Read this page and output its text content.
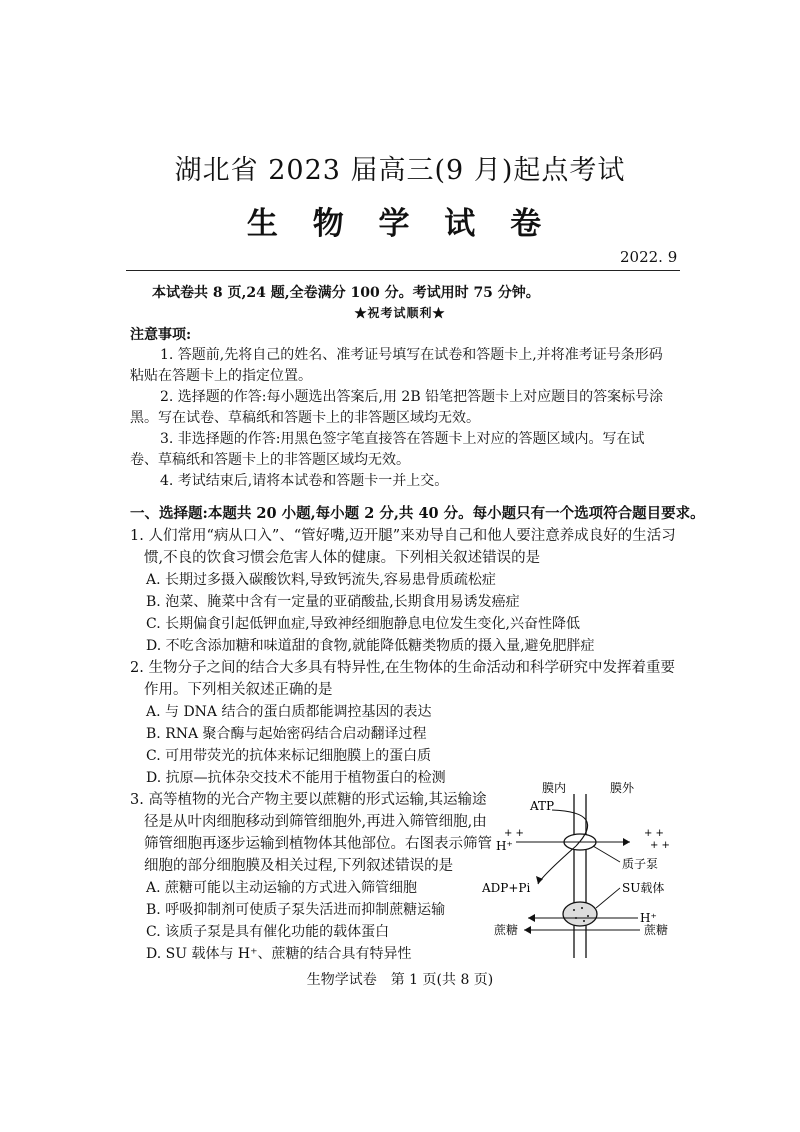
湖北省 2023 届高三(9 月)起点考试
生 物 学 试 卷
2022. 9
本试卷共 8 页,24 题,全卷满分 100 分。考试用时 75 分钟。
★祝考试顺利★
注意事项:
1. 答题前,先将自己的姓名、准考证号填写在试卷和答题卡上,并将准考证号条形码粘贴在答题卡上的指定位置。
2. 选择题的作答:每小题选出答案后,用 2B 铅笔把答题卡上对应题目的答案标号涂黑。写在试卷、草稿纸和答题卡上的非答题区域均无效。
3. 非选择题的作答:用黑色签字笔直接答在答题卡上对应的答题区域内。写在试卷、草稿纸和答题卡上的非答题区域均无效。
4. 考试结束后,请将本试卷和答题卡一并上交。
一、选择题:本题共 20 小题,每小题 2 分,共 40 分。每小题只有一个选项符合题目要求。
1. 人们常用“病从口入”、“管好嘴,迈开腿”来劝导自己和他人要注意养成良好的生活习惯,不良的饮食习惯会危害人体的健康。下列相关叙述错误的是
A. 长期过多摄入碳酸饮料,导致钙流失,容易患骨质疏松症
B. 泡菜、腌菜中含有一定量的亚硝酸盐,长期食用易诱发癌症
C. 长期偏食引起低钾血症,导致神经细胞静息电位发生变化,兴奋性降低
D. 不吃含添加糖和味道甜的食物,就能降低糖类物质的摄入量,避免肥胖症
2. 生物分子之间的结合大多具有特异性,在生物体的生命活动和科学研究中发挥着重要作用。下列相关叙述正确的是
A. 与 DNA 结合的蛋白质都能调控基因的表达
B. RNA 聚合酶与起始密码结合启动翻译过程
C. 可用带荧光的抗体来标记细胞膜上的蛋白质
D. 抗原—抗体杂交技术不能用于植物蛋白的检测
3. 高等植物的光合产物主要以蔗糖的形式运输,其运输途径是从叶肉细胞移动到筛管细胞外,再进入筛管细胞,由筛管细胞再逐步运输到植物体其他部位。右图表示筛管细胞的部分细胞膜及相关过程,下列叙述错误的是
A. 蔗糖可能以主动运输的方式进入筛管细胞
B. 呼吸抑制剂可使质子泵失活进而抑制蔗糖运输
C. 该质子泵是具有催化功能的载体蛋白
D. SU 载体与 H⁺、蔗糖的结合具有特异性
膜内	膜外
ATP
ADP+Pi
H⁺
H⁺
质子泵
SU载体
蔗糖	蔗糖
+ +	+ +
+ +
生物学试卷　第 1 页(共 8 页)
